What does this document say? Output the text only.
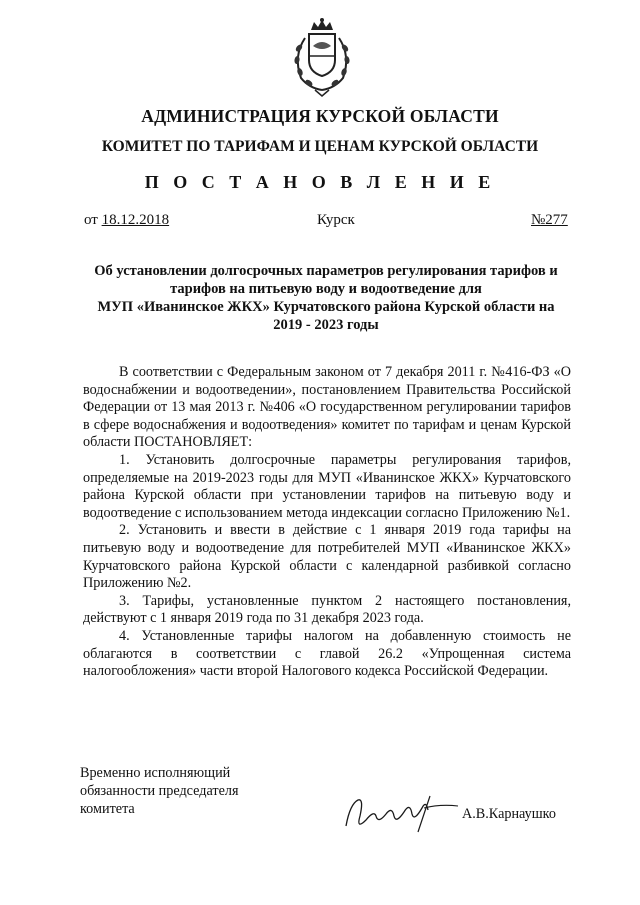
АДМИНИСТРАЦИЯ КУРСКОЙ ОБЛАСТИ
КОМИТЕТ ПО ТАРИФАМ И ЦЕНАМ КУРСКОЙ ОБЛАСТИ
П О С Т А Н О В Л Е Н И Е
от 18.12.2018	Курск	№277
Об установлении долгосрочных параметров регулирования тарифов и
тарифов на питьевую воду и водоотведение для
МУП «Иванинское ЖКХ» Курчатовского района Курской области на
2019 - 2023 годы

В соответствии с Федеральным законом от 7 декабря 2011 г. №416-ФЗ «О водоснабжении и водоотведении», постановлением Правительства Российской Федерации от 13 мая 2013 г. №406 «О государственном регулировании тарифов в сфере водоснабжения и водоотведения» комитет по тарифам и ценам Курской области ПОСТАНОВЛЯЕТ:

1. Установить долгосрочные параметры регулирования тарифов, определяемые на 2019-2023 годы для МУП «Иванинское ЖКХ» Курчатовского района Курской области при установлении тарифов на питьевую воду и водоотведение с использованием метода индексации согласно Приложению №1.

2. Установить и ввести в действие с 1 января 2019 года тарифы на питьевую воду и водоотведение для потребителей МУП «Иванинское ЖКХ» Курчатовского района Курской области с календарной разбивкой согласно Приложению №2.

3. Тарифы, установленные пунктом 2 настоящего постановления, действуют с 1 января 2019 года по 31 декабря 2023 года.

4. Установленные тарифы налогом на добавленную стоимость не облагаются в соответствии с главой 26.2 «Упрощенная система налогообложения» части второй Налогового кодекса Российской Федерации.

Временно исполняющий
обязанности председателя
комитета	А.В.Карнаушко
